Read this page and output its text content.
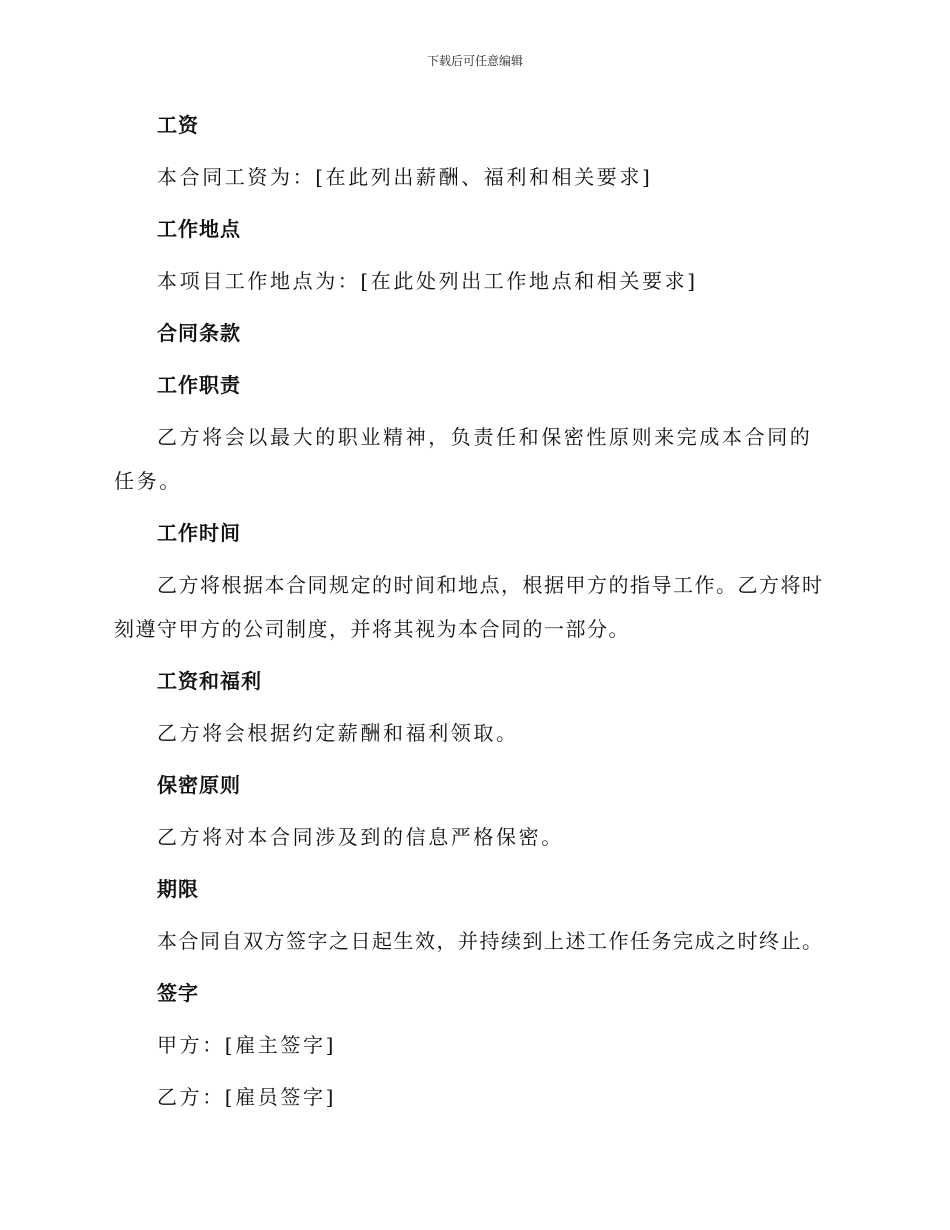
下载后可任意编辑
工资
本合同工资为：[在此列出薪酬、福利和相关要求]
工作地点
本项目工作地点为：[在此处列出工作地点和相关要求]
合同条款
工作职责
乙方将会以最大的职业精神，负责任和保密性原则来完成本合同的任务。
工作时间
乙方将根据本合同规定的时间和地点，根据甲方的指导工作。乙方将时刻遵守甲方的公司制度，并将其视为本合同的一部分。
工资和福利
乙方将会根据约定薪酬和福利领取。
保密原则
乙方将对本合同涉及到的信息严格保密。
期限
本合同自双方签字之日起生效，并持续到上述工作任务完成之时终止。
签字
甲方：[雇主签字]
乙方：[雇员签字]
